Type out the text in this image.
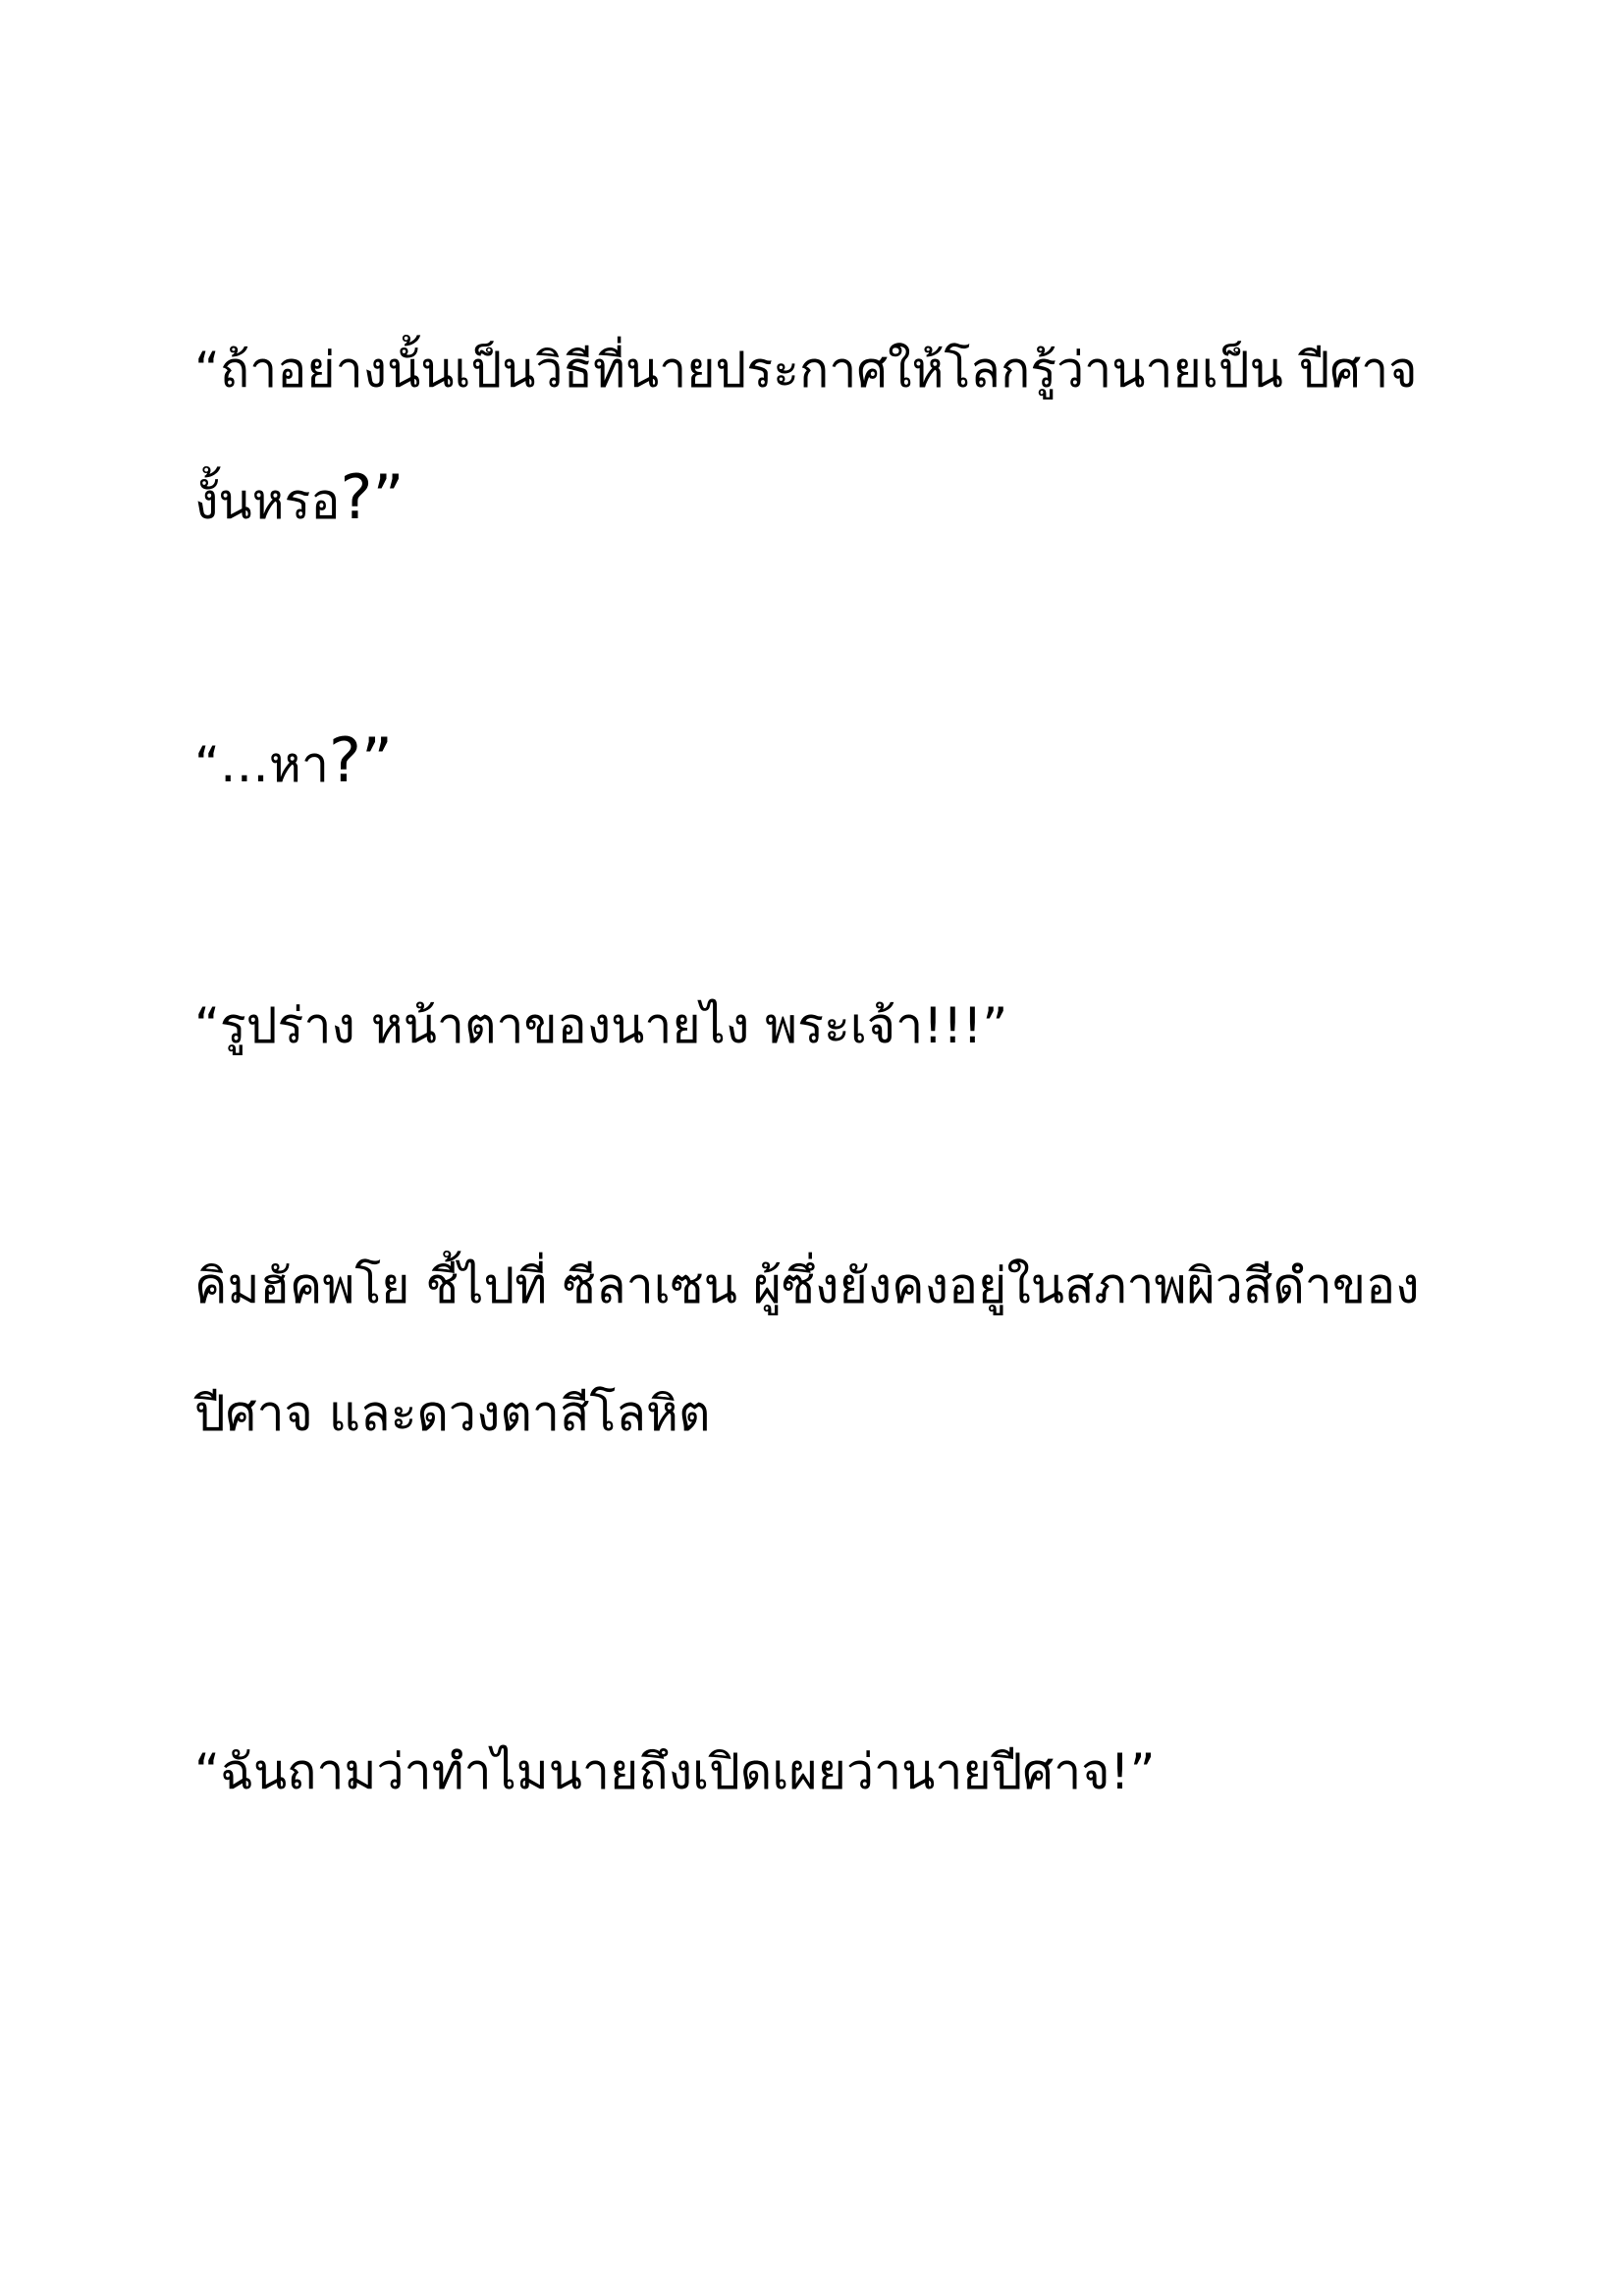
“ถ้าอย่างนั้นเป็นวิธีที่นายประกาศให้โลกรู้ว่านายเป็น ปีศาจ
งั้นหรอ?”

“…หา?”

“รูปร่าง หน้าตาของนายไง พระเจ้า!!!”

คิมฮัคพโย ชี้ไปที่ ซีลาเซน ผู้ซึ่งยังคงอยู่ในสภาพผิวสีดำของ
ปีศาจ และดวงตาสีโลหิต

“ฉันถามว่าทำไมนายถึงเปิดเผยว่านายปีศาจ!”
